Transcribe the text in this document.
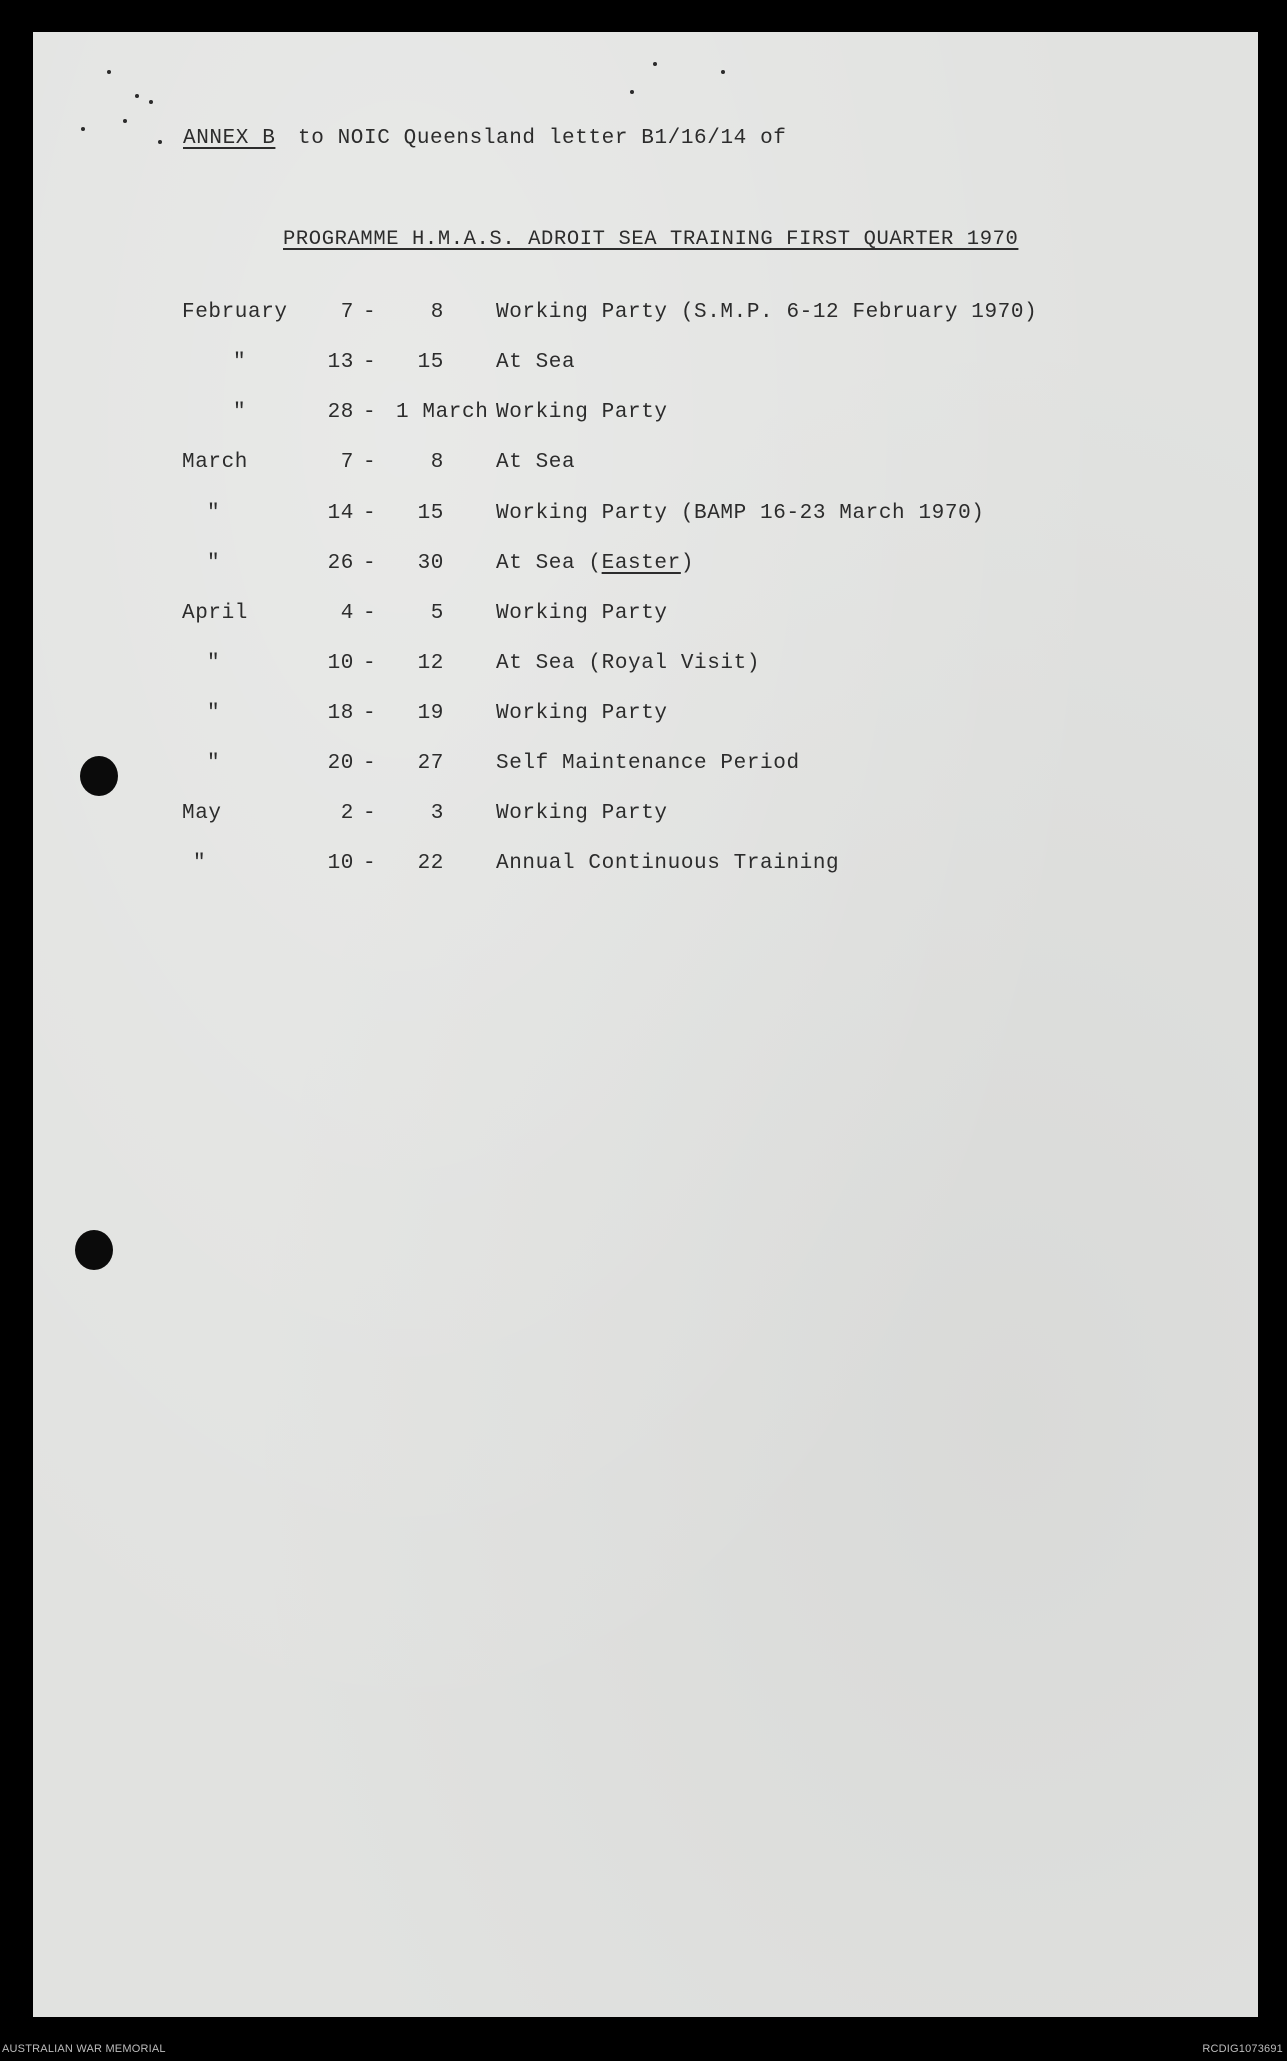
ANNEX B to NOIC Queensland letter B1/16/14 of
PROGRAMME H.M.A.S. ADROIT SEA TRAINING FIRST QUARTER 1970
February	7 -	8 Working Party (S.M.P. 6-12 February 1970)
"	13 -	15 At Sea
"	28 - 1 March Working Party
March	7 -	8 At Sea
"	14 -	15 Working Party (BAMP 16-23 March 1970)
"	26 -	30 At Sea (Easter)
April	4 -	5 Working Party
"	10 -	12 At Sea (Royal Visit)
"	18 -	19 Working Party
"	20 -	27 Self Maintenance Period
May	2 -	3 Working Party
"	10 -	22 Annual Continuous Training
AUSTRALIAN WAR MEMORIAL	RCDIG1073691
